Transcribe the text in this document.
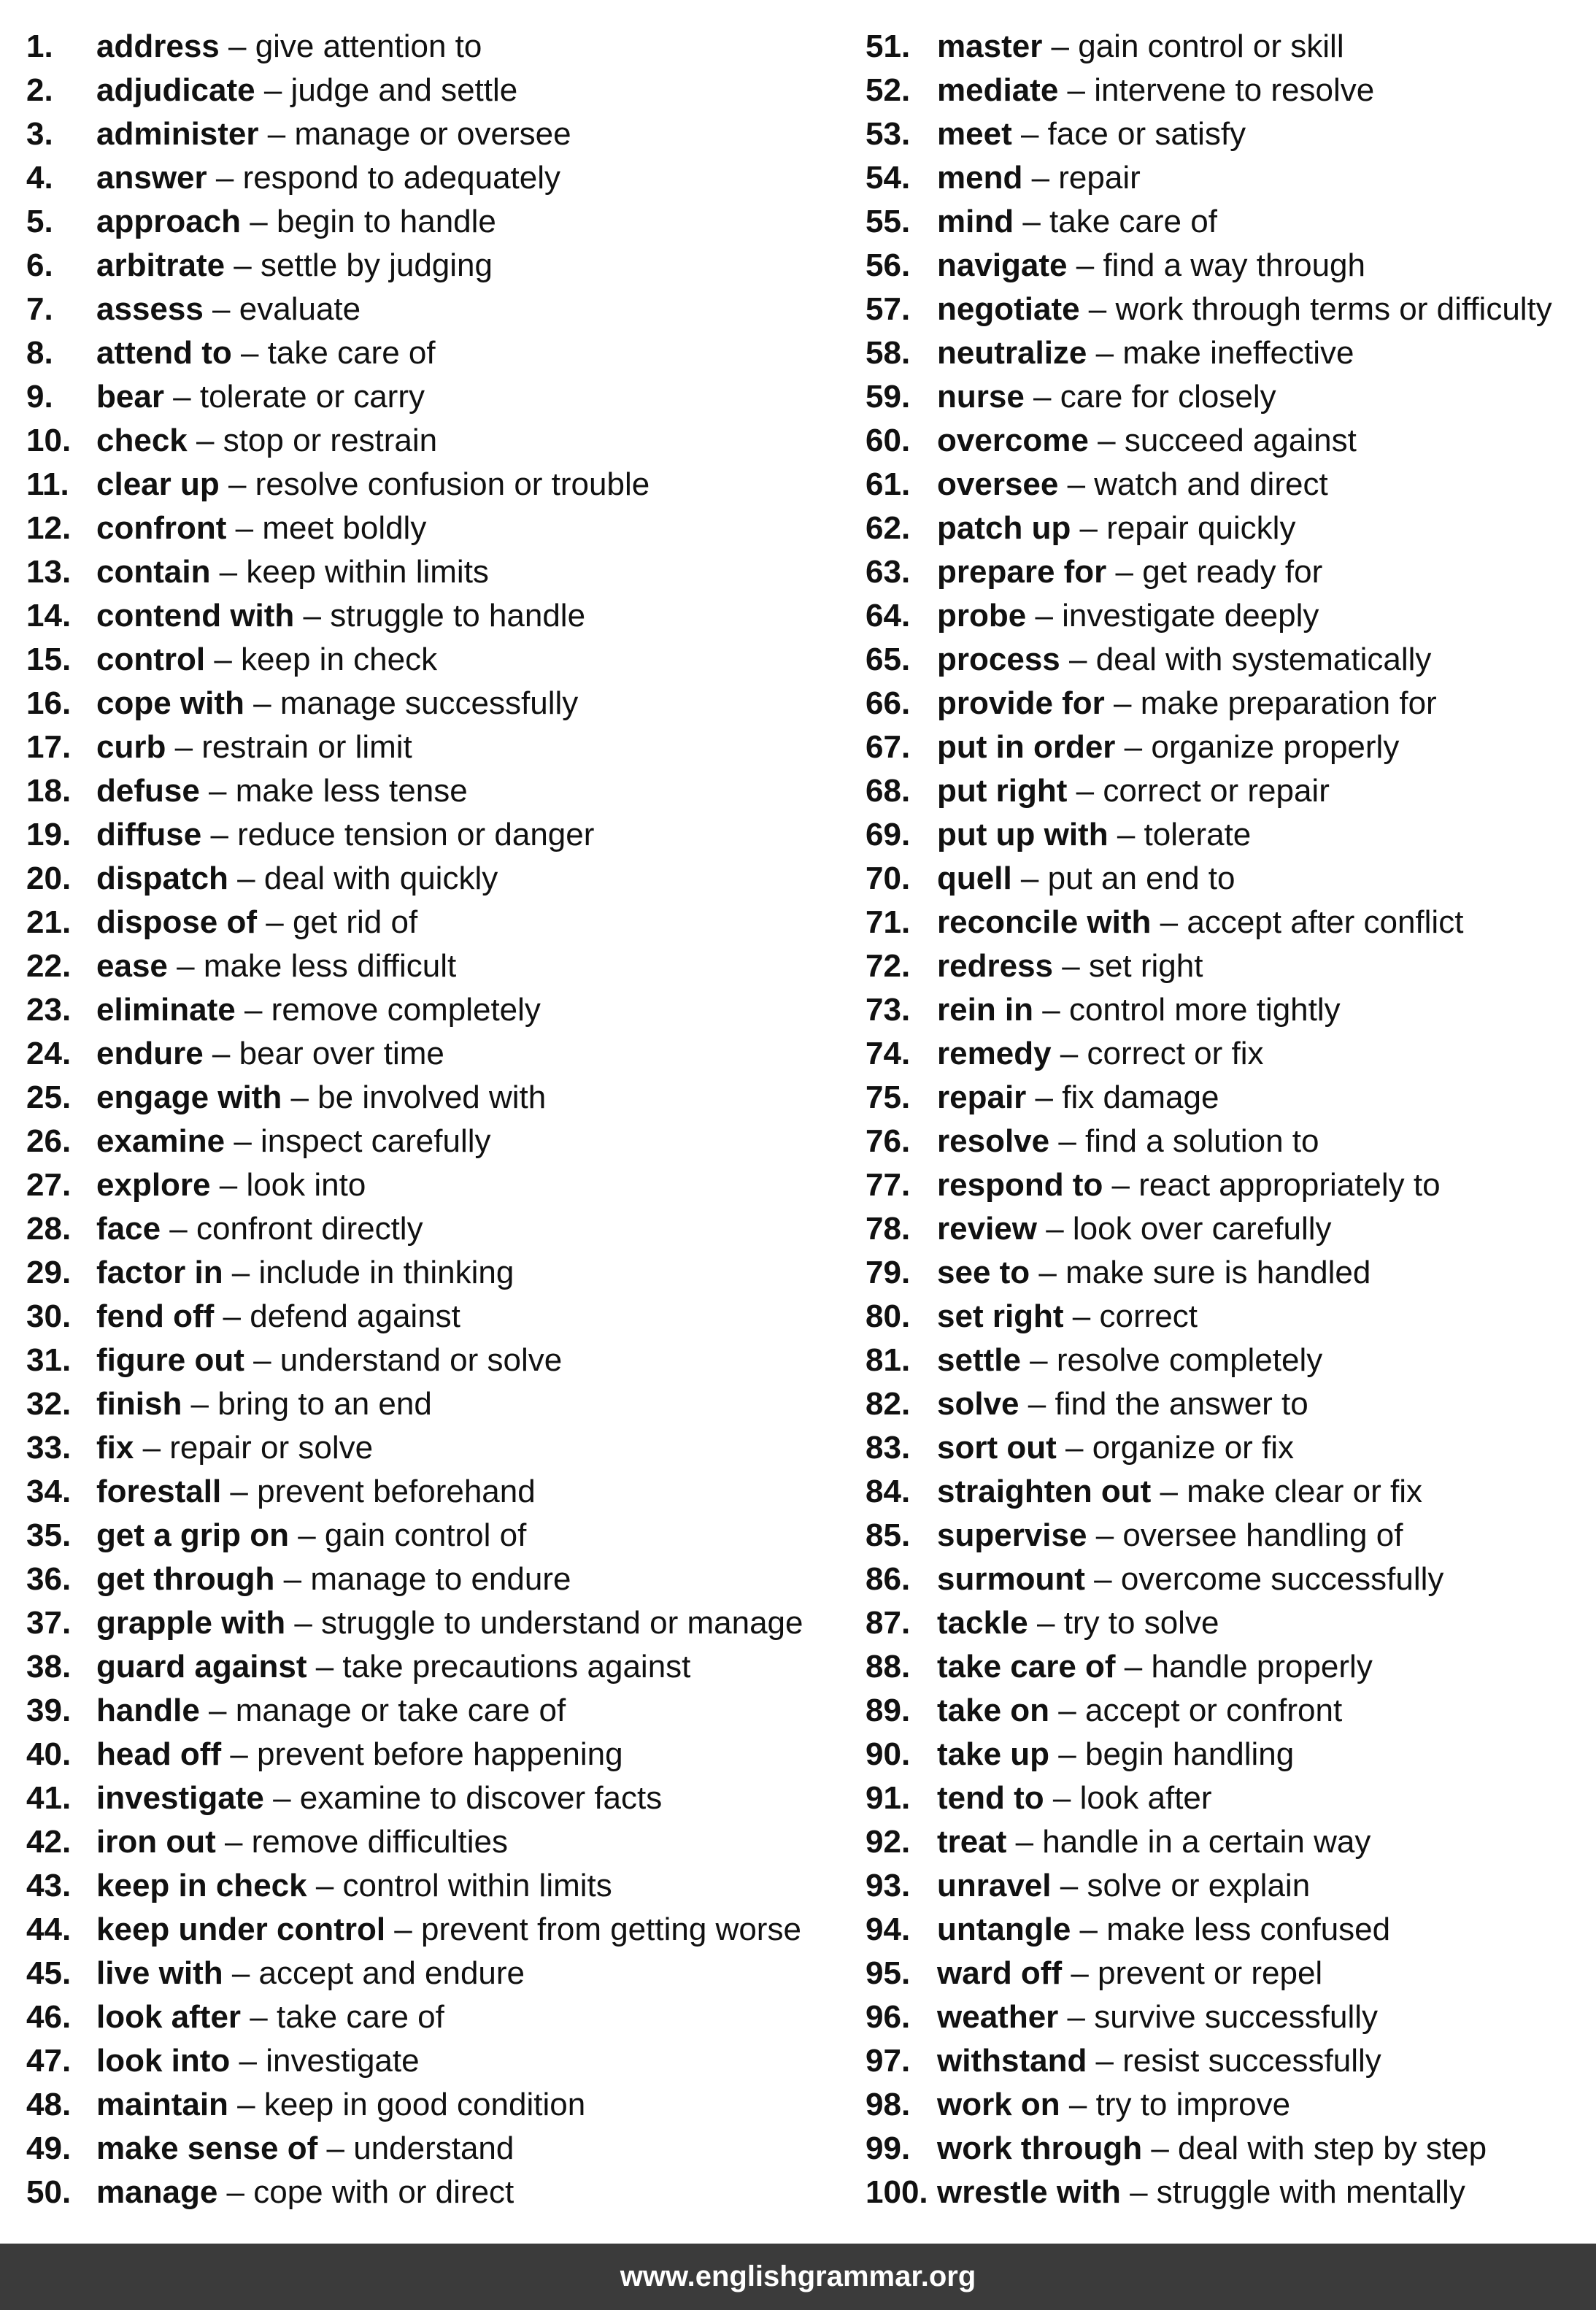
1. address – give attention to
2. adjudicate – judge and settle
3. administer – manage or oversee
4. answer – respond to adequately
5. approach – begin to handle
6. arbitrate – settle by judging
7. assess – evaluate
8. attend to – take care of
9. bear – tolerate or carry
10. check – stop or restrain
11. clear up – resolve confusion or trouble
12. confront – meet boldly
13. contain – keep within limits
14. contend with – struggle to handle
15. control – keep in check
16. cope with – manage successfully
17. curb – restrain or limit
18. defuse – make less tense
19. diffuse – reduce tension or danger
20. dispatch – deal with quickly
21. dispose of – get rid of
22. ease – make less difficult
23. eliminate – remove completely
24. endure – bear over time
25. engage with – be involved with
26. examine – inspect carefully
27. explore – look into
28. face – confront directly
29. factor in – include in thinking
30. fend off – defend against
31. figure out – understand or solve
32. finish – bring to an end
33. fix – repair or solve
34. forestall – prevent beforehand
35. get a grip on – gain control of
36. get through – manage to endure
37. grapple with – struggle to understand or manage
38. guard against – take precautions against
39. handle – manage or take care of
40. head off – prevent before happening
41. investigate – examine to discover facts
42. iron out – remove difficulties
43. keep in check – control within limits
44. keep under control – prevent from getting worse
45. live with – accept and endure
46. look after – take care of
47. look into – investigate
48. maintain – keep in good condition
49. make sense of – understand
50. manage – cope with or direct
51. master – gain control or skill
52. mediate – intervene to resolve
53. meet – face or satisfy
54. mend – repair
55. mind – take care of
56. navigate – find a way through
57. negotiate – work through terms or difficulty
58. neutralize – make ineffective
59. nurse – care for closely
60. overcome – succeed against
61. oversee – watch and direct
62. patch up – repair quickly
63. prepare for – get ready for
64. probe – investigate deeply
65. process – deal with systematically
66. provide for – make preparation for
67. put in order – organize properly
68. put right – correct or repair
69. put up with – tolerate
70. quell – put an end to
71. reconcile with – accept after conflict
72. redress – set right
73. rein in – control more tightly
74. remedy – correct or fix
75. repair – fix damage
76. resolve – find a solution to
77. respond to – react appropriately to
78. review – look over carefully
79. see to – make sure is handled
80. set right – correct
81. settle – resolve completely
82. solve – find the answer to
83. sort out – organize or fix
84. straighten out – make clear or fix
85. supervise – oversee handling of
86. surmount – overcome successfully
87. tackle – try to solve
88. take care of – handle properly
89. take on – accept or confront
90. take up – begin handling
91. tend to – look after
92. treat – handle in a certain way
93. unravel – solve or explain
94. untangle – make less confused
95. ward off – prevent or repel
96. weather – survive successfully
97. withstand – resist successfully
98. work on – try to improve
99. work through – deal with step by step
100. wrestle with – struggle with mentally
www.englishgrammar.org
